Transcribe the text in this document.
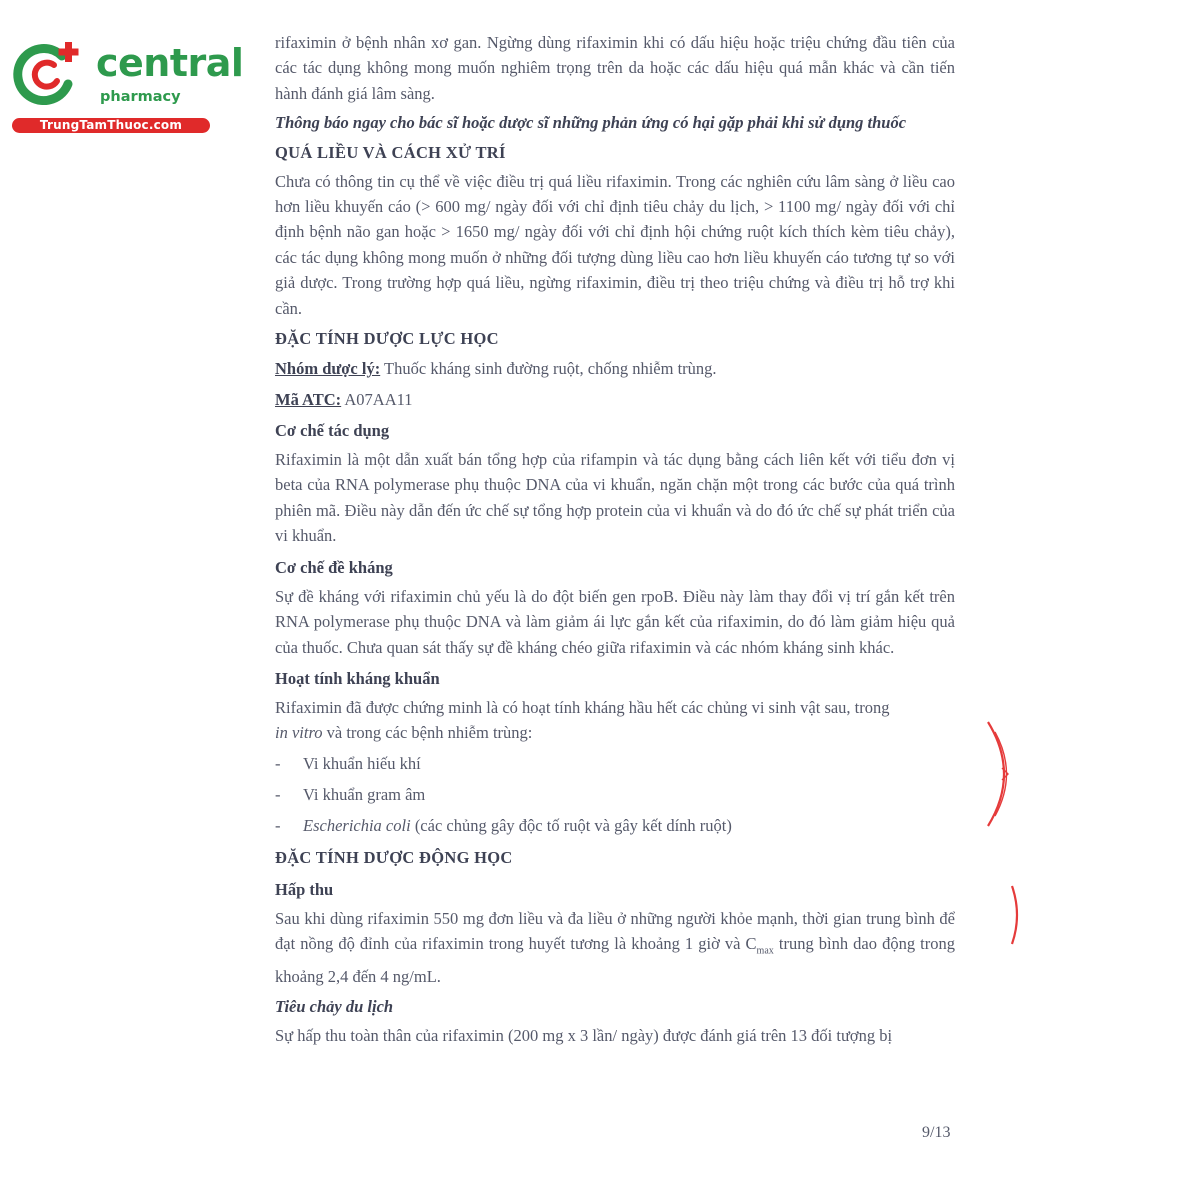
central
pharmacy
TrungTamThuoc.com

rifaximin ở bệnh nhân xơ gan. Ngừng dùng rifaximin khi có dấu hiệu hoặc triệu chứng đầu tiên của các tác dụng không mong muốn nghiêm trọng trên da hoặc các dấu hiệu quá mẫn khác và cần tiến hành đánh giá lâm sàng.

Thông báo ngay cho bác sĩ hoặc dược sĩ những phản ứng có hại gặp phải khi sử dụng thuốc

QUÁ LIỀU VÀ CÁCH XỬ TRÍ

Chưa có thông tin cụ thể về việc điều trị quá liều rifaximin. Trong các nghiên cứu lâm sàng ở liều cao hơn liều khuyến cáo (> 600 mg/ ngày đối với chỉ định tiêu chảy du lịch, > 1100 mg/ ngày đối với chỉ định bệnh não gan hoặc > 1650 mg/ ngày đối với chỉ định hội chứng ruột kích thích kèm tiêu chảy), các tác dụng không mong muốn ở những đối tượng dùng liều cao hơn liều khuyến cáo tương tự so với giả dược. Trong trường hợp quá liều, ngừng rifaximin, điều trị theo triệu chứng và điều trị hỗ trợ khi cần.

ĐẶC TÍNH DƯỢC LỰC HỌC

Nhóm dược lý: Thuốc kháng sinh đường ruột, chống nhiễm trùng.

Mã ATC: A07AA11

Cơ chế tác dụng

Rifaximin là một dẫn xuất bán tổng hợp của rifampin và tác dụng bằng cách liên kết với tiểu đơn vị beta của RNA polymerase phụ thuộc DNA của vi khuẩn, ngăn chặn một trong các bước của quá trình phiên mã. Điều này dẫn đến ức chế sự tổng hợp protein của vi khuẩn và do đó ức chế sự phát triển của vi khuẩn.

Cơ chế đề kháng

Sự đề kháng với rifaximin chủ yếu là do đột biến gen rpoB. Điều này làm thay đổi vị trí gắn kết trên RNA polymerase phụ thuộc DNA và làm giảm ái lực gắn kết của rifaximin, do đó làm giảm hiệu quả của thuốc. Chưa quan sát thấy sự đề kháng chéo giữa rifaximin và các nhóm kháng sinh khác.

Hoạt tính kháng khuẩn

Rifaximin đã được chứng minh là có hoạt tính kháng hầu hết các chủng vi sinh vật sau, trong
in vitro và trong các bệnh nhiễm trùng:

- Vi khuẩn hiếu khí
- Vi khuẩn gram âm
- Escherichia coli (các chủng gây độc tố ruột và gây kết dính ruột)
ĐẶC TÍNH DƯỢC ĐỘNG HỌC
Hấp thu

Sau khi dùng rifaximin 550 mg đơn liều và đa liều ở những người khỏe mạnh, thời gian trung bình để đạt nồng độ đỉnh của rifaximin trong huyết tương là khoảng 1 giờ và $C_{max}$ trung bình dao động trong khoảng 2,4 đến 4 ng/mL.

Tiêu chảy du lịch

Sự hấp thu toàn thân của rifaximin (200 mg x 3 lần/ ngày) được đánh giá trên 13 đối tượng bị

9/13
